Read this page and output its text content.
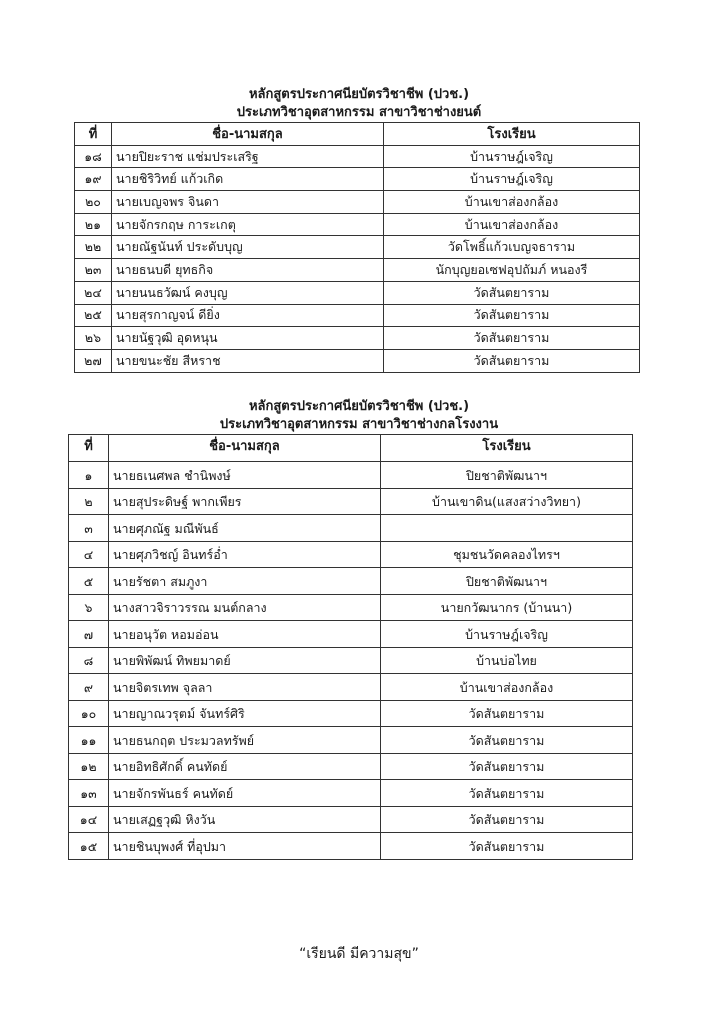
หลักสูตรประกาศนียบัตรวิชาชีพ (ปวช.)
ประเภทวิชาอุตสาหกรรม สาขาวิชาช่างยนต์
ที่	ชื่อ-นามสกุล	โรงเรียน
๑๘	นายปิยะราช แช่มประเสริฐ	บ้านราษฎ์เจริญ
๑๙	นายชิริวิทย์ แก้วเกิด	บ้านราษฎ์เจริญ
๒๐	นายเบญจพร จินดา	บ้านเขาส่องกล้อง
๒๑	นายจักรกฤษ การะเกตุ	บ้านเขาส่องกล้อง
๒๒	นายณัฐนันท์ ประดับบุญ	วัดโพธิ์แก้วเบญจธาราม
๒๓	นายธนบดี ยุทธกิจ	นักบุญยอเซฟอุปถัมภ์ หนองรี
๒๔	นายนนธวัฒน์ คงบุญ	วัดสันตยาราม
๒๕	นายสุรกาญจน์ ดียิ่ง	วัดสันตยาราม
๒๖	นายนัฐวุฒิ อุดหนุน	วัดสันตยาราม
๒๗	นายขนะชัย สีหราช	วัดสันตยาราม
หลักสูตรประกาศนียบัตรวิชาชีพ (ปวช.)
ประเภทวิชาอุตสาหกรรม สาขาวิชาช่างกลโรงงาน
ที่	ชื่อ-นามสกุล	โรงเรียน
๑	นายธเนศพล ชำนิพงษ์	ปิยชาติพัฒนาฯ
๒	นายสุประดิษฐ์ พากเพียร	บ้านเขาดิน(แสงสว่างวิทยา)
๓	นายศุภณัฐ มณีพันธ์	
๔	นายศุภวิชญ์ อินทร์อ่ำ	ชุมชนวัดคลองไทรฯ
๕	นายรัชตา สมภูงา	ปิยชาติพัฒนาฯ
๖	นางสาวจิราวรรณ มนต์กลาง	นายกวัฒนากร (บ้านนา)
๗	นายอนุวัต หอมอ่อน	บ้านราษฎ์เจริญ
๘	นายพิพัฒน์ ทิพยมาดย์	บ้านบ่อไทย
๙	นายจิตรเทพ จุลลา	บ้านเขาส่องกล้อง
๑๐	นายญาณวรุตม์ จันทร์ศิริ	วัดสันตยาราม
๑๑	นายธนกฤต ประมวลทรัพย์	วัดสันตยาราม
๑๒	นายอิทธิศักดิ์ คนทัดย์	วัดสันตยาราม
๑๓	นายจักรพันธร์ คนทัดย์	วัดสันตยาราม
๑๔	นายเสฏฐวุฒิ หิงวัน	วัดสันตยาราม
๑๕	นายชินบุพงศ์ ที่อุปมา	วัดสันตยาราม
“เรียนดี มีความสุข”
